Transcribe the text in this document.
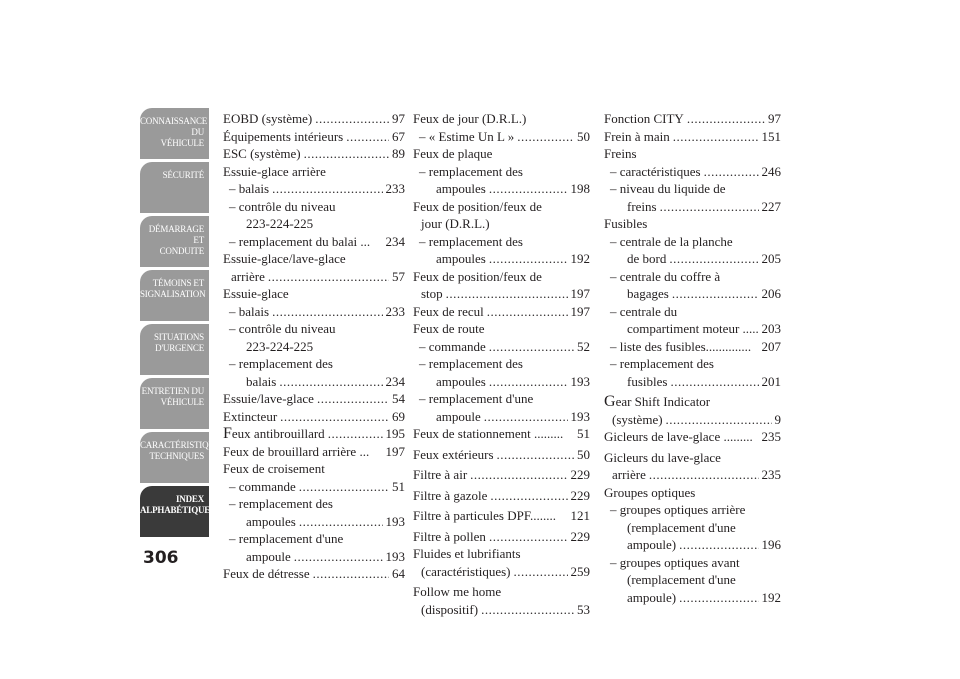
CONNAISSANCE DU
VÉHICULE
SÉCURITÉ
DÉMARRAGE ET
CONDUITE
TÉMOINS ET
SIGNALISATION
SITUATIONS
D'URGENCE
ENTRETIEN DU
VÉHICULE
CARACTÉRISTIQUES
TECHNIQUES
INDEX
ALPHABÉTIQUE
306
EOBD (système) .....	97
Équipements intérieurs .....	67
ESC (système) .....	89
Essuie-glace arrière
– balais .....	233
– contrôle du niveau
223-224-225
– remplacement du balai ... 234
Essuie-glace/lave-glace
arrière .....	57
Essuie-glace
– balais .....	233
– contrôle du niveau
223-224-225
– remplacement des
balais .....	234
Essuie/lave-glace .....	54
Extincteur .....	69
Feux antibrouillard .....	195
Feux de brouillard arrière ... 197
Feux de croisement
– commande .....	51
– remplacement des
ampoules .....	193
– remplacement d'une
ampoule .....	193
Feux de détresse .....	64
Feux de jour (D.R.L.)
– « Estime Un L » .....	50
Feux de plaque
– remplacement des
ampoules .....	198
Feux de position/feux de
jour (D.R.L.)
– remplacement des
ampoules .....	192
Feux de position/feux de
stop .....	197
Feux de recul .....	197
Feux de route
– commande .....	52
– remplacement des
ampoules .....	193
– remplacement d'une
ampoule .....	193
Feux de stationnement ......... 51
Feux extérieurs .....	50
Filtre à air .....	229
Filtre à gazole .....	229
Filtre à particules DPF........ 121
Filtre à pollen .....	229
Fluides et lubrifiants
(caractéristiques) .....	259
Follow me home
(dispositif) .....	53
Fonction CITY .....	97
Frein à main .....	151
Freins
– caractéristiques .....	246
– niveau du liquide de
freins .....	227
Fusibles
– centrale de la planche
de bord .....	205
– centrale du coffre à
bagages .....	206
– centrale du
compartiment moteur ..... 203
– liste des fusibles.............. 207
– remplacement des
fusibles .....	201
Gear Shift Indicator
(système) .....	9
Gicleurs de lave-glace ......... 235
Gicleurs du lave-glace
arrière .....	235
Groupes optiques
– groupes optiques arrière
(remplacement d'une
ampoule) .....	196
– groupes optiques avant
(remplacement d'une
ampoule) .....	192
